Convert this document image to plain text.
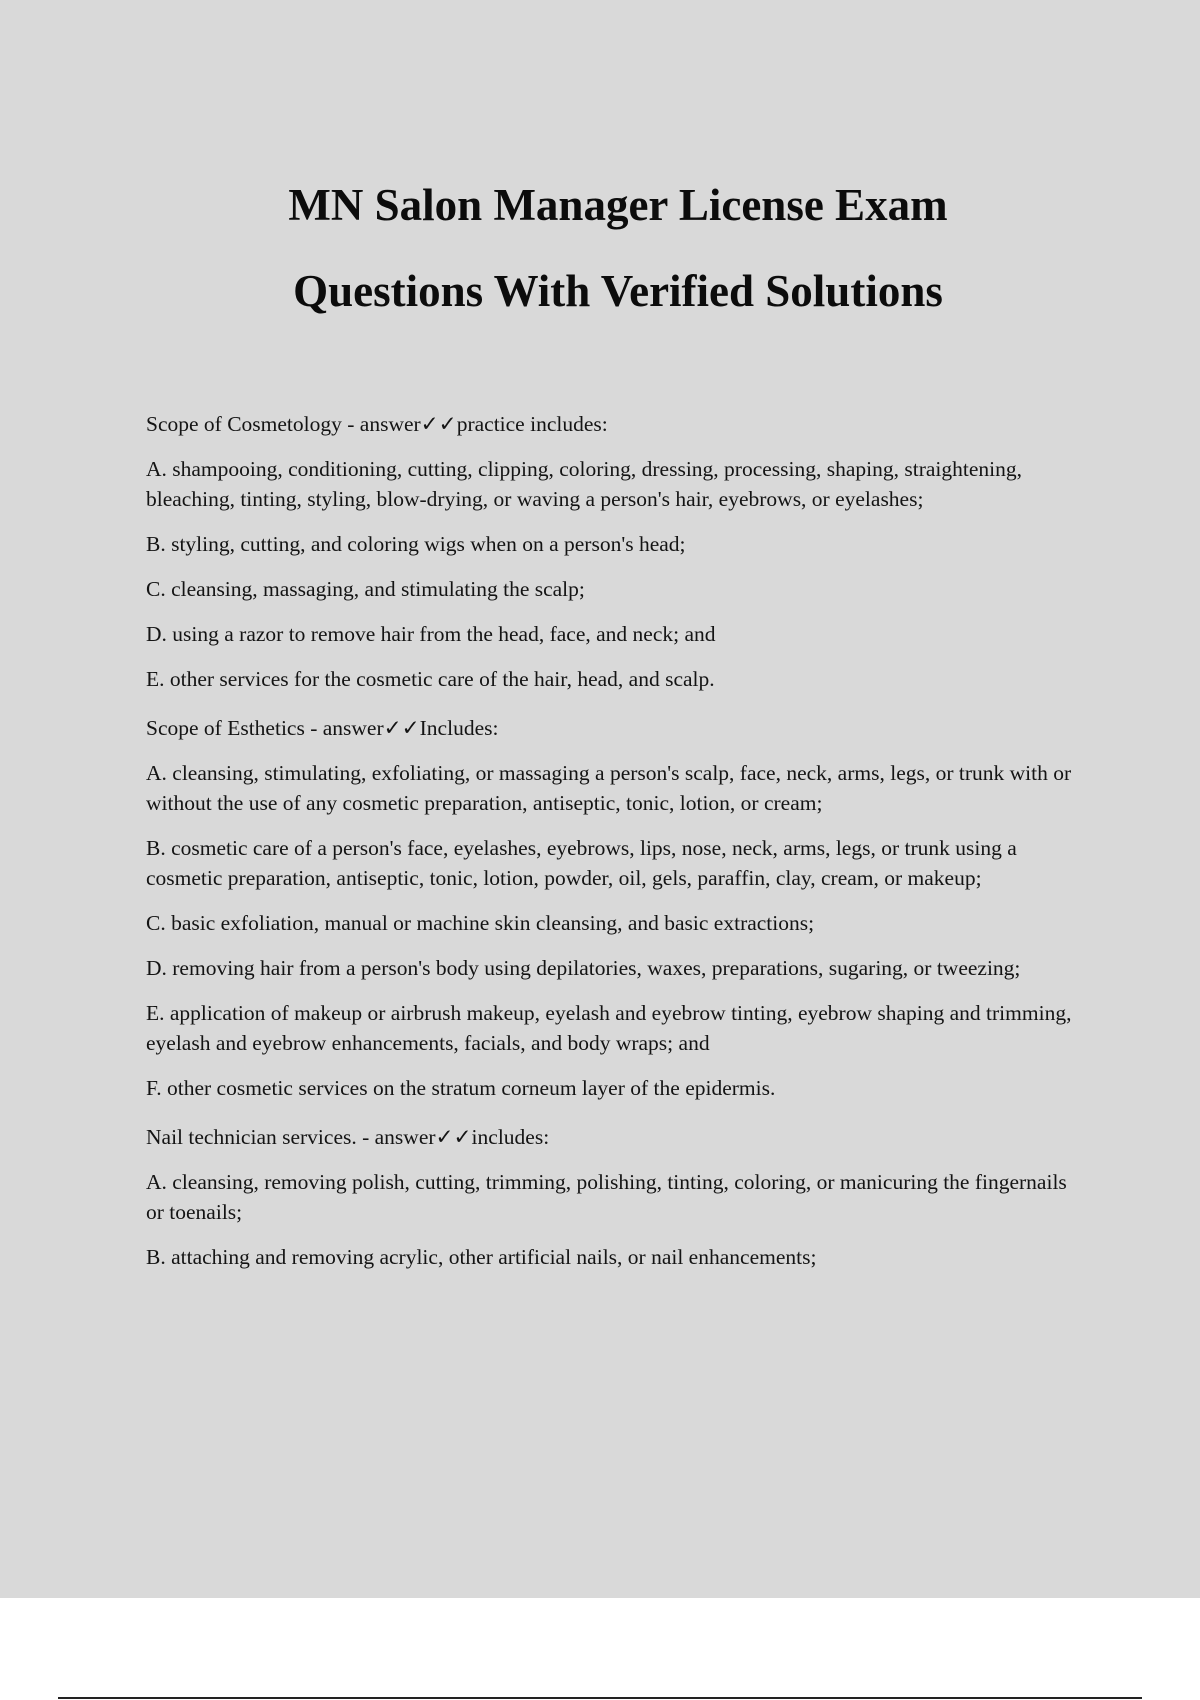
MN Salon Manager License Exam
Questions With Verified Solutions

Scope of Cosmetology - answer✓✓practice includes:

A. shampooing, conditioning, cutting, clipping, coloring, dressing, processing, shaping, straightening, bleaching, tinting, styling, blow-drying, or waving a person's hair, eyebrows, or eyelashes;

B. styling, cutting, and coloring wigs when on a person's head;

C. cleansing, massaging, and stimulating the scalp;

D. using a razor to remove hair from the head, face, and neck; and

E. other services for the cosmetic care of the hair, head, and scalp.

Scope of Esthetics - answer✓✓Includes:

A. cleansing, stimulating, exfoliating, or massaging a person's scalp, face, neck, arms, legs, or trunk with or without the use of any cosmetic preparation, antiseptic, tonic, lotion, or cream;

B. cosmetic care of a person's face, eyelashes, eyebrows, lips, nose, neck, arms, legs, or trunk using a cosmetic preparation, antiseptic, tonic, lotion, powder, oil, gels, paraffin, clay, cream, or makeup;

C. basic exfoliation, manual or machine skin cleansing, and basic extractions;

D. removing hair from a person's body using depilatories, waxes, preparations, sugaring, or tweezing;

E. application of makeup or airbrush makeup, eyelash and eyebrow tinting, eyebrow shaping and trimming, eyelash and eyebrow enhancements, facials, and body wraps; and

F. other cosmetic services on the stratum corneum layer of the epidermis.

Nail technician services. - answer✓✓includes:

A. cleansing, removing polish, cutting, trimming, polishing, tinting, coloring, or manicuring the fingernails or toenails;

B. attaching and removing acrylic, other artificial nails, or nail enhancements;
